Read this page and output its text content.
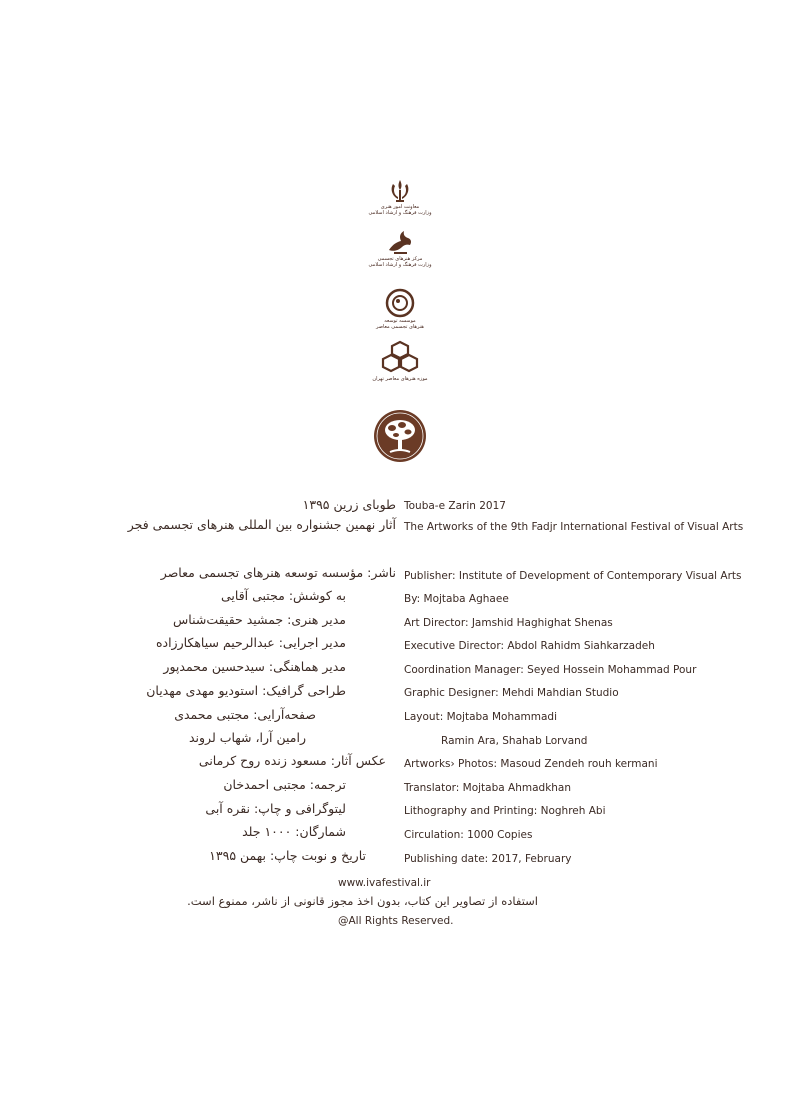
معاونت امور هنری
وزارت فرهنگ و ارشاد اسلامی
مرکز هنرهای تجسمی
وزارت فرهنگ و ارشاد اسلامی
موسسه توسعه
هنرهای تجسمی معاصر
موزه هنرهای معاصر تهران
طوبای زرین ۱۳۹۵
آثار نهمین جشنواره بین المللی هنرهای تجسمی فجر
Touba-e Zarin 2017
The Artworks of the 9th Fadjr International Festival of Visual Arts
ناشر: مؤسسه توسعه هنرهای تجسمی معاصر
به کوشش: مجتبی آقایی
مدیر هنری: جمشید حقیقت‌شناس
مدیر اجرایی: عبدالرحیم سیاهکارزاده
مدیر هماهنگی: سیدحسین محمدپور
طراحی گرافیک: استودیو مهدی مهدیان
صفحه‌آرایی: مجتبی محمدی
رامین آرا، شهاب لروند
عکس آثار: مسعود زنده روح کرمانی
ترجمه: مجتبی احمدخان
لیتوگرافی و چاپ: نقره آبی
شمارگان: ۱۰۰۰ جلد
تاریخ و نوبت چاپ: بهمن ۱۳۹۵
Publisher: Institute of Development of Contemporary Visual Arts
By: Mojtaba Aghaee
Art Director: Jamshid Haghighat Shenas
Executive Director: Abdol Rahidm Siahkarzadeh
Coordination Manager: Seyed Hossein Mohammad Pour
Graphic Designer: Mehdi Mahdian Studio
Layout: Mojtaba Mohammadi
Ramin Ara, Shahab Lorvand
Artworks› Photos: Masoud Zendeh rouh kermani
Translator: Mojtaba Ahmadkhan
Lithography and Printing: Noghreh Abi
Circulation: 1000 Copies
Publishing date: 2017, February
www.ivafestival.ir
استفاده از تصاویر این کتاب، بدون اخذ مجوز قانونی از ناشر، ممنوع است.
@All Rights Reserved.
